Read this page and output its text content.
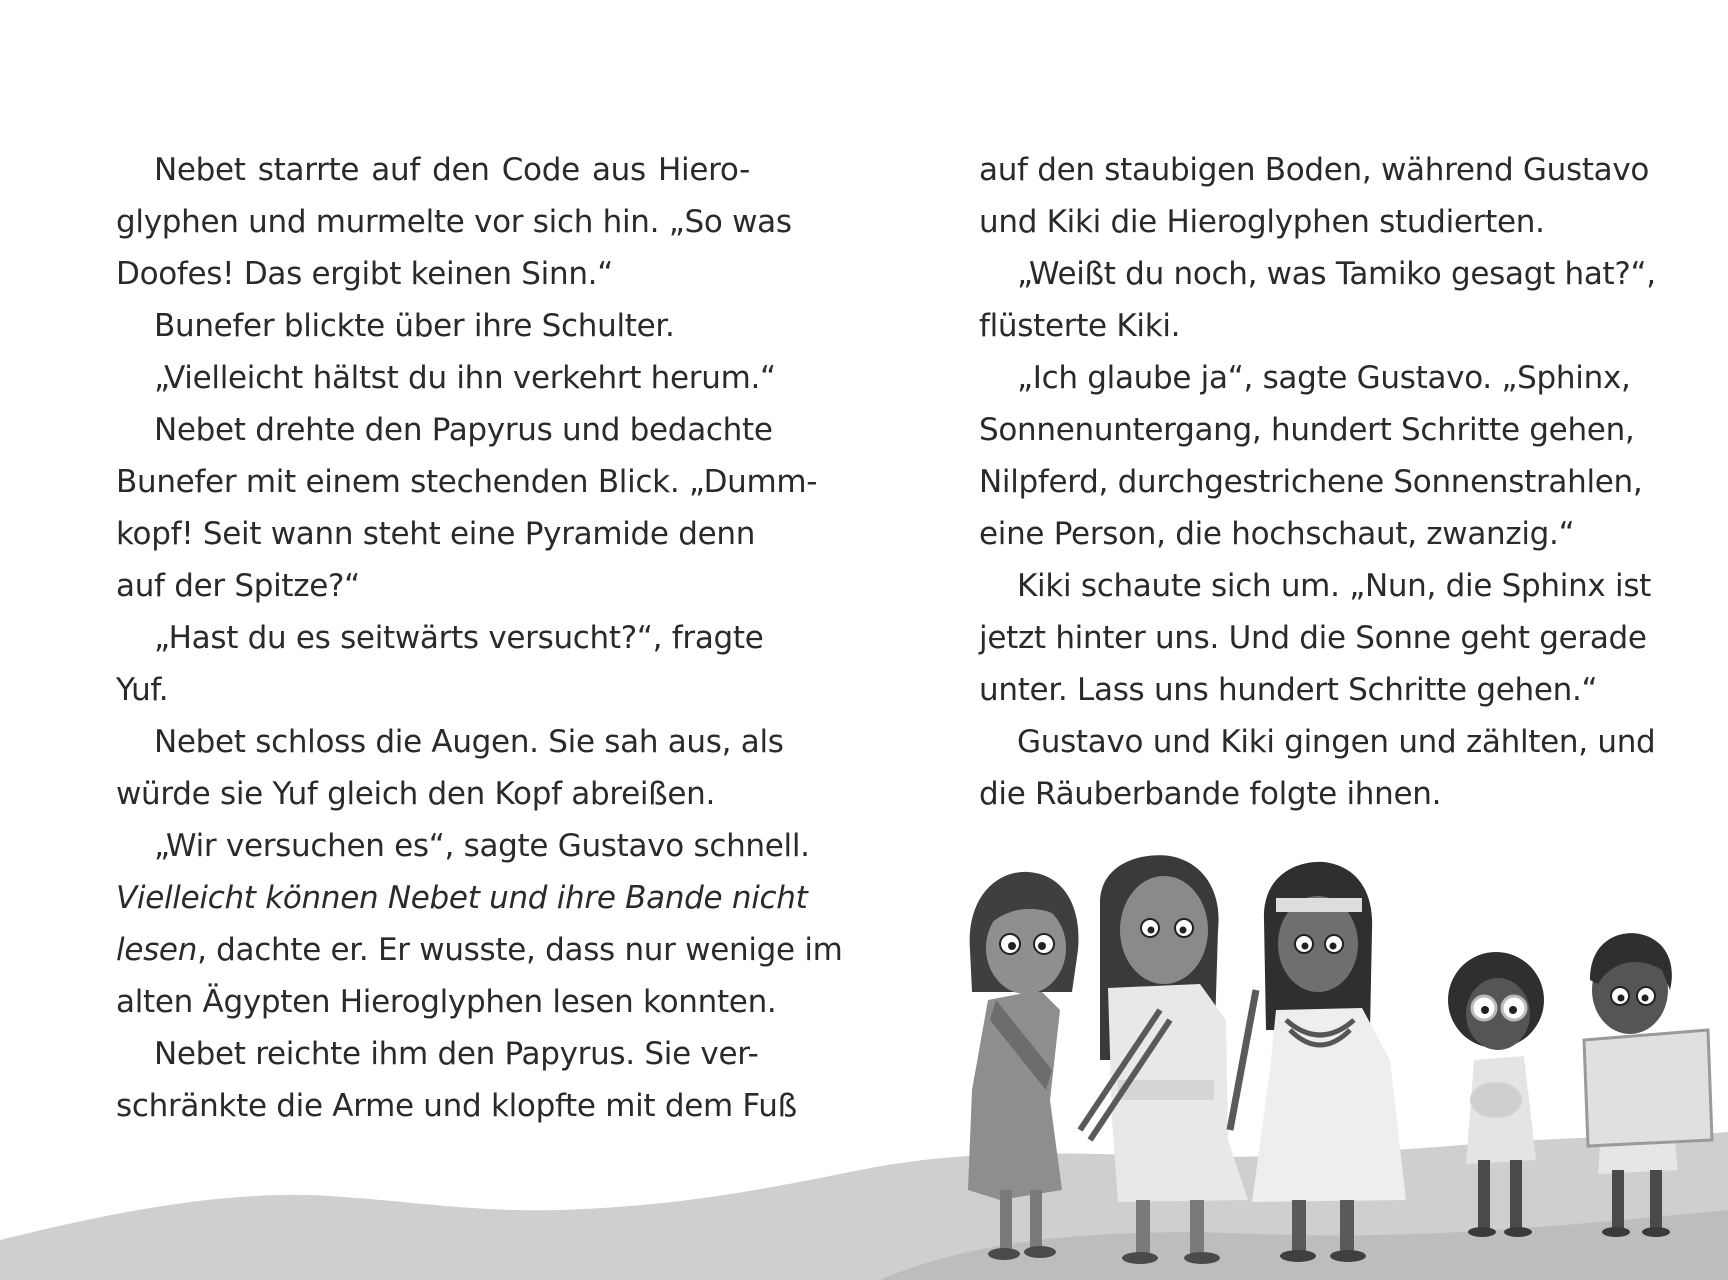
Nebet starrte auf den Code aus Hiero-
glyphen und murmelte vor sich hin. „So was
Doofes! Das ergibt keinen Sinn.“
Bunefer blickte über ihre Schulter.
„Vielleicht hältst du ihn verkehrt herum.“
Nebet drehte den Papyrus und bedachte
Bunefer mit einem stechenden Blick. „Dumm-
kopf! Seit wann steht eine Pyramide denn
auf der Spitze?“
„Hast du es seitwärts versucht?“, fragte
Yuf.
Nebet schloss die Augen. Sie sah aus, als
würde sie Yuf gleich den Kopf abreißen.
„Wir versuchen es“, sagte Gustavo schnell.
Vielleicht können Nebet und ihre Bande nicht
lesen, dachte er. Er wusste, dass nur wenige im
alten Ägypten Hieroglyphen lesen konnten.
Nebet reichte ihm den Papyrus. Sie ver-
schränkte die Arme und klopfte mit dem Fuß
auf den staubigen Boden, während Gustavo
und Kiki die Hieroglyphen studierten.
„Weißt du noch, was Tamiko gesagt hat?“,
flüsterte Kiki.
„Ich glaube ja“, sagte Gustavo. „Sphinx,
Sonnenuntergang, hundert Schritte gehen,
Nilpferd, durchgestrichene Sonnenstrahlen,
eine Person, die hochschaut, zwanzig.“
Kiki schaute sich um. „Nun, die Sphinx ist
jetzt hinter uns. Und die Sonne geht gerade
unter. Lass uns hundert Schritte gehen.“
Gustavo und Kiki gingen und zählten, und
die Räuberbande folgte ihnen.
